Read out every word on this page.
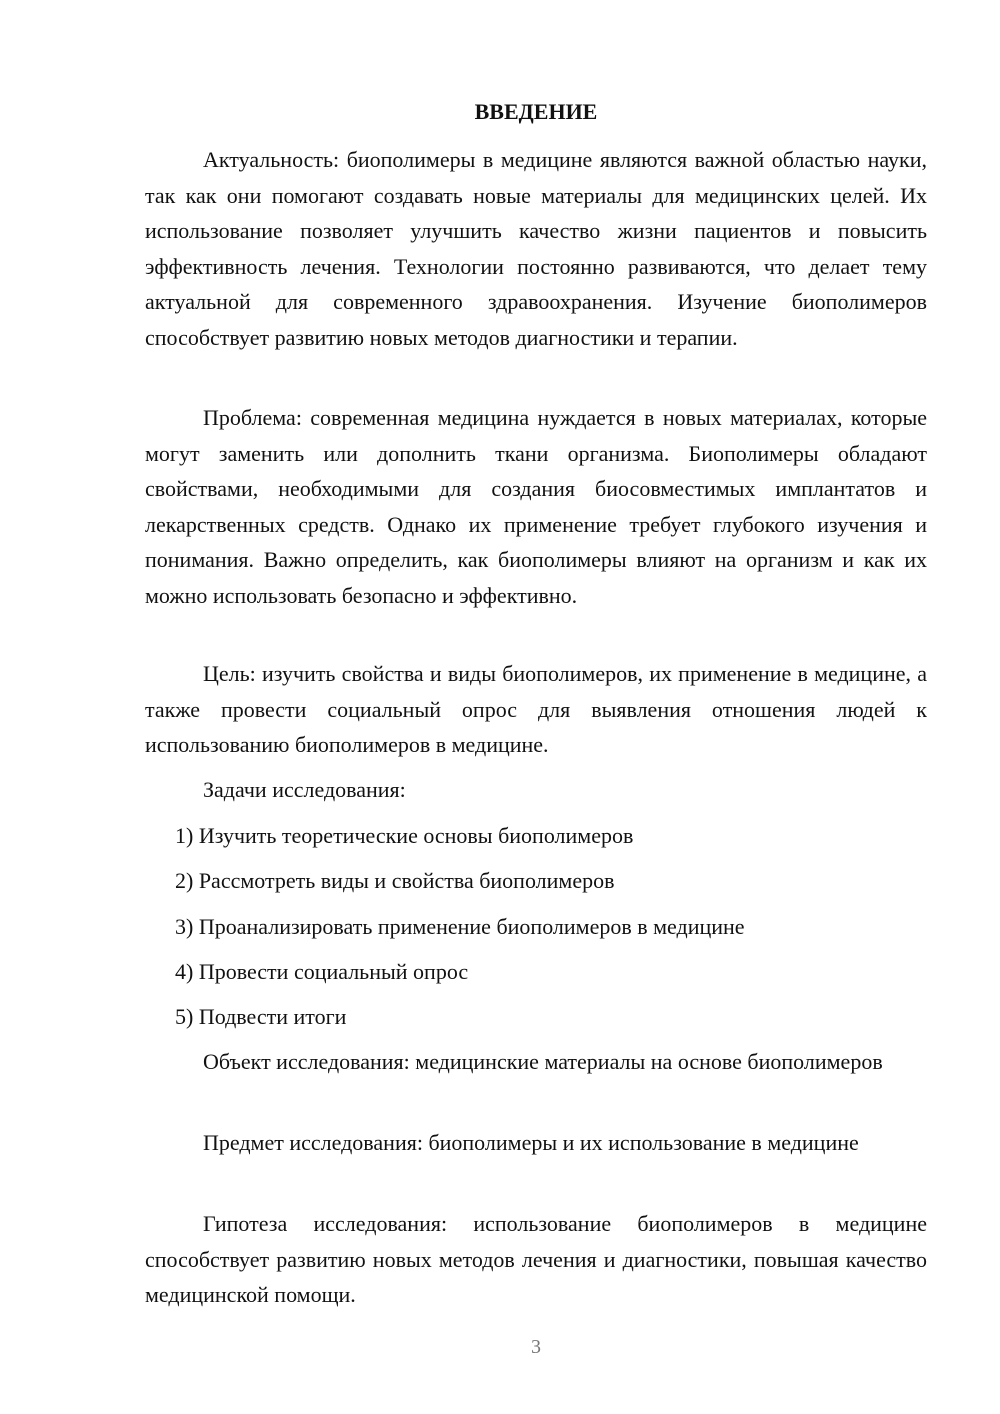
ВВЕДЕНИЕ

Актуальность: биополимеры в медицине являются важной областью науки, так как они помогают создавать новые материалы для медицинских целей. Их использование позволяет улучшить качество жизни пациентов и повысить эффективность лечения. Технологии постоянно развиваются, что делает тему актуальной для современного здравоохранения. Изучение биополимеров способствует развитию новых методов диагностики и терапии.

Проблема: современная медицина нуждается в новых материалах, которые могут заменить или дополнить ткани организма. Биополимеры обладают свойствами, необходимыми для создания биосовместимых имплантатов и лекарственных средств. Однако их применение требует глубокого изучения и понимания. Важно определить, как биополимеры влияют на организм и как их можно использовать безопасно и эффективно.

Цель: изучить свойства и виды биополимеров, их применение в медицине, а также провести социальный опрос для выявления отношения людей к использованию биополимеров в медицине.

Задачи исследования:

1) Изучить теоретические основы биополимеров

2) Рассмотреть виды и свойства биополимеров

3) Проанализировать применение биополимеров в медицине

4) Провести социальный опрос

5) Подвести итоги

Объект исследования: медицинские материалы на основе биополимеров

Предмет исследования: биополимеры и их использование в медицине

Гипотеза исследования: использование биополимеров в медицине способствует развитию новых методов лечения и диагностики, повышая качество медицинской помощи.

3
